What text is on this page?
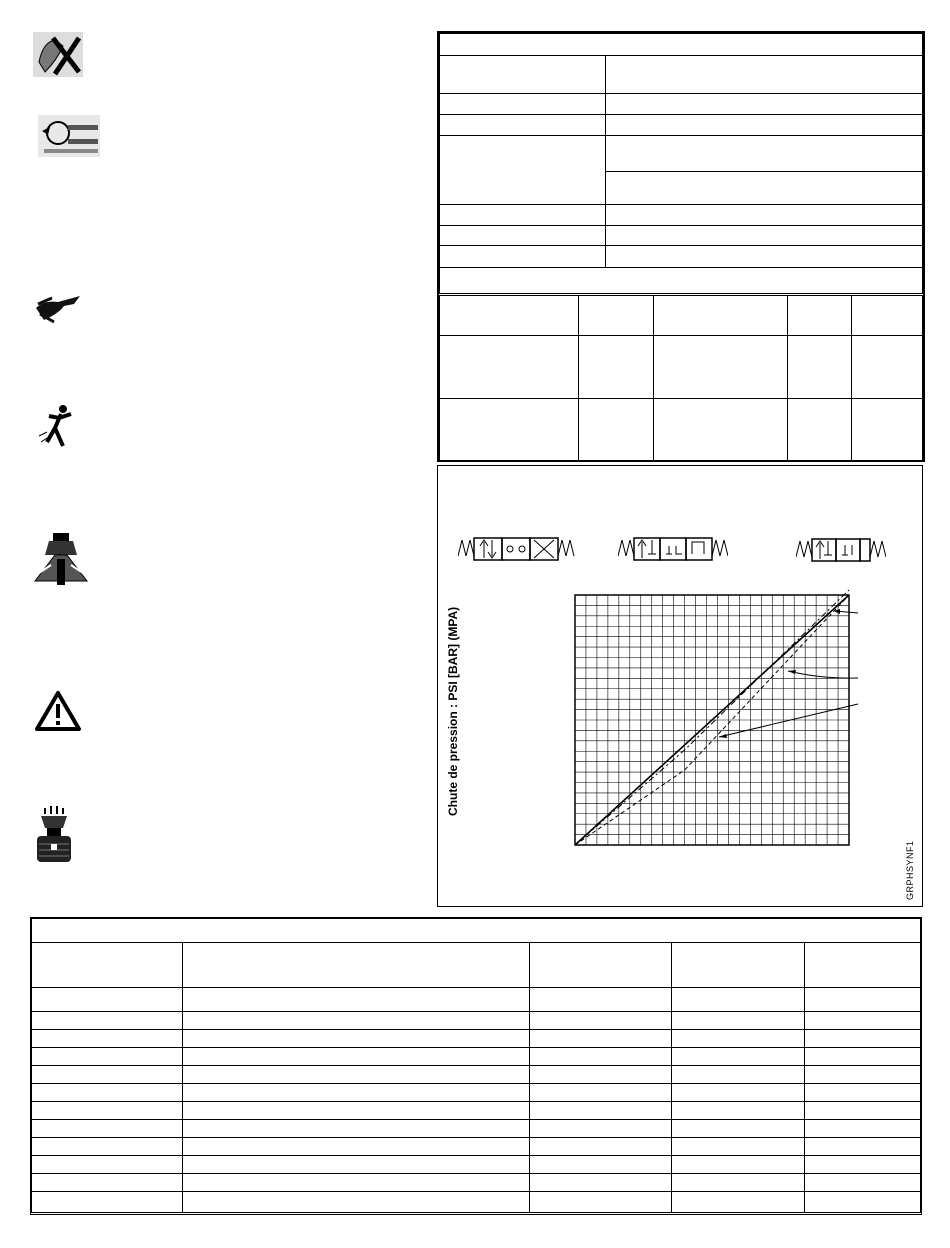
Chute de pression : PSI [BAR] (MPA)
GRPHSYNF1
